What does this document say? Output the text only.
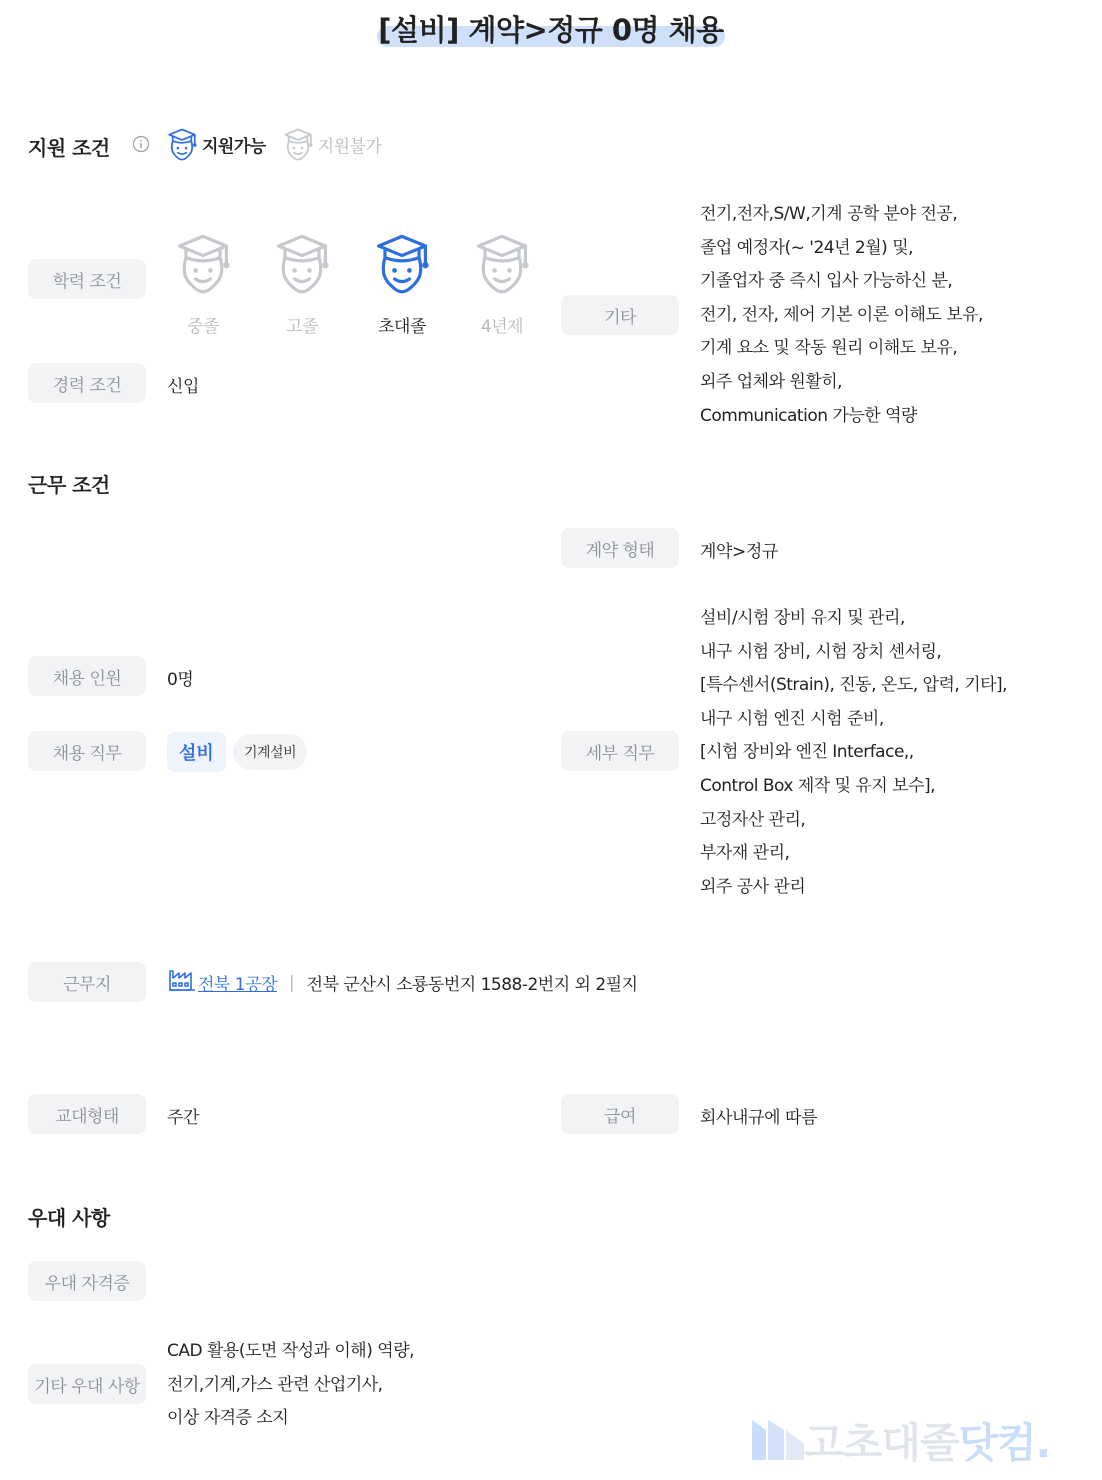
[설비] 계약>정규 0명 채용
지원 조건	지원가능	지원불가
학력 조건
중졸	고졸	초대졸	4년제
경력 조건	신입
기타
전기,전자,S/W,기계 공학 분야 전공,
졸업 예정자(~ '24년 2월) 및,
기졸업자 중 즉시 입사 가능하신 분,
전기, 전자, 제어 기본 이론 이해도 보유,
기계 요소 및 작동 원리 이해도 보유,
외주 업체와 원활히,
Communication 가능한 역량
근무 조건
계약 형태	계약>정규
채용 인원	0명
채용 직무	설비	기계설비	세부 직무
설비/시험 장비 유지 및 관리,
내구 시험 장비, 시험 장치 센서링,
[특수센서(Strain), 진동, 온도, 압력, 기타],
내구 시험 엔진 시험 준비,
[시험 장비와 엔진 Interface,,
Control Box 제작 및 유지 보수],
고정자산 관리,
부자재 관리,
외주 공사 관리
근무지	전북 1공장 | 전북 군산시 소룡동번지 1588-2번지 외 2필지
교대형태	주간	급여	회사내규에 따름
우대 사항
우대 자격증
기타 우대 사항
CAD 활용(도면 작성과 이해) 역량,
전기,기계,가스 관련 산업기사,
이상 자격증 소지
고초대졸 닷컴.
